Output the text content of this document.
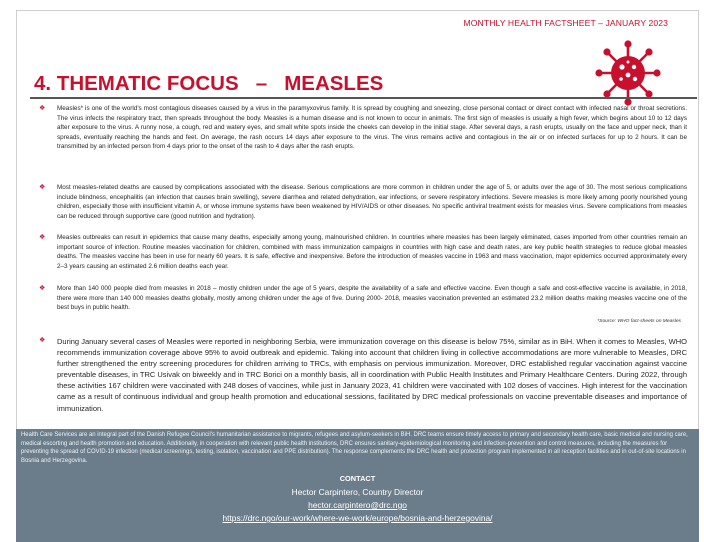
MONTHLY HEALTH FACTSHEET – JANUARY 2023
4. THEMATIC FOCUS   –   MEASLES
❖ Measles* is one of the world's most contagious diseases caused by a virus in the paramyxovirus family. It is spread by coughing and sneezing, close personal contact or direct contact with infected nasal or throat secretions. The virus infects the respiratory tract, then spreads throughout the body. Measles is a human disease and is not known to occur in animals. The first sign of measles is usually a high fever, which begins about 10 to 12 days after exposure to the virus. A runny nose, a cough, red and watery eyes, and small white spots inside the cheeks can develop in the initial stage. After several days, a rash erupts, usually on the face and upper neck, than it spreads, eventually reaching the hands and feet. On average, the rash occurs 14 days after exposure to the virus. The virus remains active and contagious in the air or on infected surfaces for up to 2 hours. It can be transmitted by an infected person from 4 days prior to the onset of the rash to 4 days after the rash erupts.
❖ Most measles-related deaths are caused by complications associated with the disease. Serious complications are more common in children under the age of 5, or adults over the age of 30. The most serious complications include blindness, encephalitis (an infection that causes brain swelling), severe diarrhea and related dehydration, ear infections, or severe respiratory infections. Severe measles is more likely among poorly nourished young children, especially those with insufficient vitamin A, or whose immune systems have been weakened by HIV/AIDS or other diseases. No specific antiviral treatment exists for measles virus. Severe complications from measles can be reduced through supportive care (good nutrition and hydration).
❖ Measles outbreaks can result in epidemics that cause many deaths, especially among young, malnourished children. In countries where measles has been largely eliminated, cases imported from other countries remain an important source of infection. Routine measles vaccination for children, combined with mass immunization campaigns in countries with high case and death rates, are key public health strategies to reduce global measles deaths. The measles vaccine has been in use for nearly 60 years. It is safe, effective and inexpensive. Before the introduction of measles vaccine in 1963 and mass vaccination, major epidemics occurred approximately every 2–3 years causing an estimated 2.6 million deaths each year.
❖ More than 140 000 people died from measles in 2018 – mostly children under the age of 5 years, despite the availability of a safe and effective vaccine. Even though a safe and cost-effective vaccine is available, in 2018, there were more than 140 000 measles deaths globally, mostly among children under the age of five. During 2000- 2018, measles vaccination prevented an estimated 23.2 million deaths making measles vaccine one of the best buys in public health.
*Source: WHO fact-sheets on Measles
❖ During January several cases of Measles were reported in neighboring Serbia, were immunization coverage on this disease is below 75%, similar as in BiH. When it comes to Measles, WHO recommends immunization coverage above 95% to avoid outbreak and epidemic. Taking into account that children living in collective accommodations are more vulnerable to Measles, DRC further strengthened the entry screening procedures for children arriving to TRCs, with emphasis on pervious immunization. Moreover, DRC established regular vaccination against vaccine preventable diseases, in TRC Usivak on biweekly and in TRC Borici on a monthly basis, all in coordination with Public Health Institutes and Primary Healthcare Centers. During 2022, through these activities 167 children were vaccinated with 248 doses of vaccines, while just in January 2023, 41 children were vaccinated with 102 doses of vaccines. High interest for the vaccination came as a result of continuous individual and group health promotion and educational sessions, facilitated by DRC medical professionals on vaccine preventable diseases and importance of immunization.
Health Care Services are an integral part of the Danish Refugee Council's humanitarian assistance to migrants, refugees and asylum-seekers in BiH. DRC teams ensure timely access to primary and secondary health care, basic medical and nursing care, medical escorting and health promotion and education. Additionally, in cooperation with relevant public health institutions, DRC ensures sanitary-epidemiological monitoring and infection-prevention and control measures, including the measures for preventing the spread of COVID-19 infection (medical screenings, testing, isolation, vaccination and PPE distribution). The response complements the DRC health and protection program implemented in all reception facilities and in out-of-site locations in Bosnia and Herzegovina.
CONTACT
Hector Carpintero, Country Director
hector.carpintero@drc.ngo
https://drc.ngo/our-work/where-we-work/europe/bosnia-and-herzegovina/
